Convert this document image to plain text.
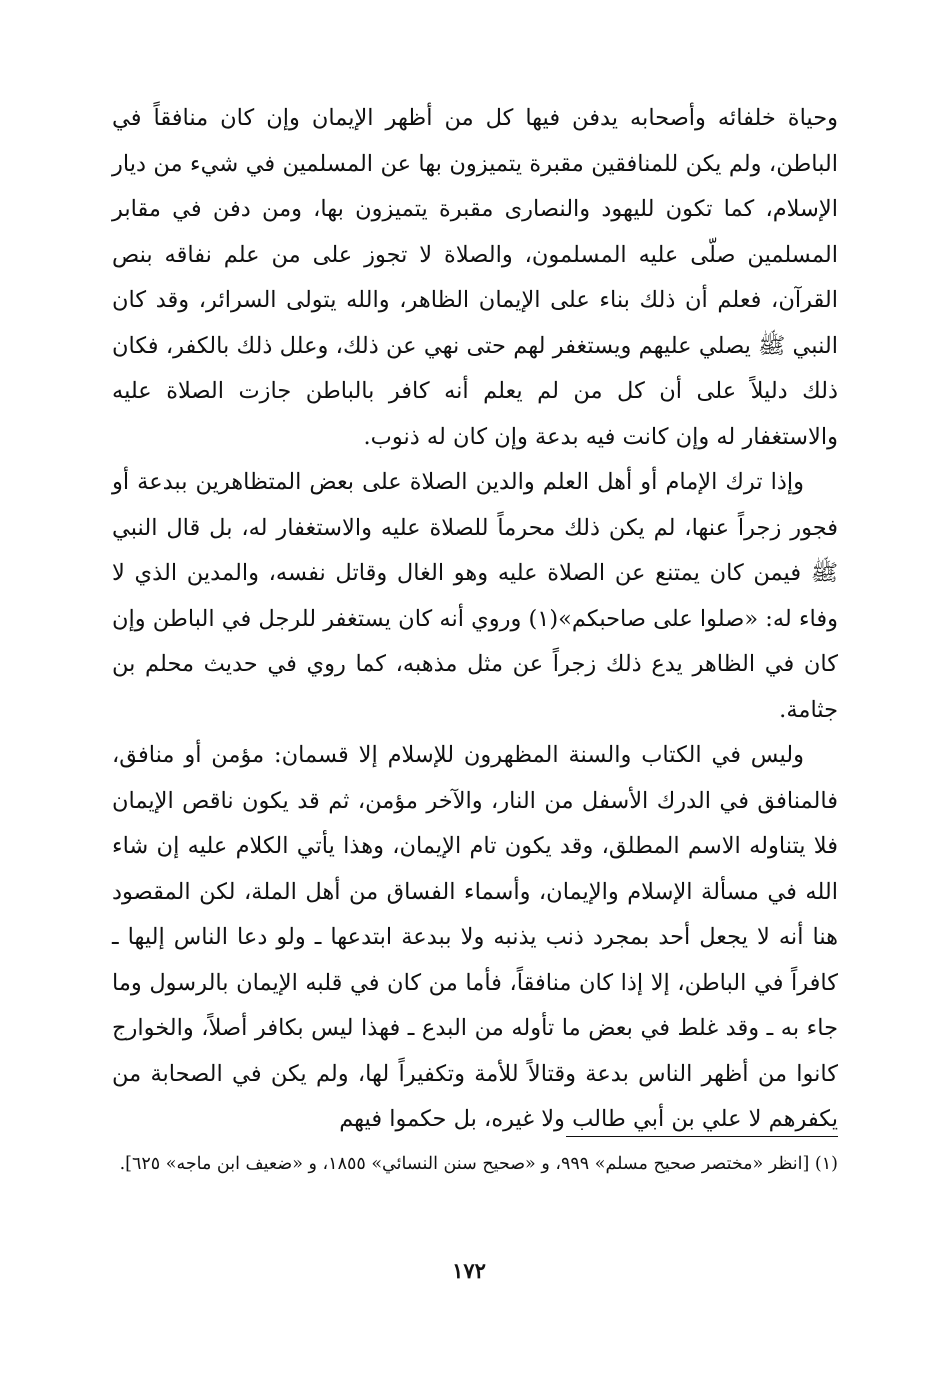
وحياة خلفائه وأصحابه يدفن فيها كل من أظهر الإيمان وإن كان منافقاً في الباطن، ولم يكن للمنافقين مقبرة يتميزون بها عن المسلمين في شيء من ديار الإسلام، كما تكون لليهود والنصارى مقبرة يتميزون بها، ومن دفن في مقابر المسلمين صلّى عليه المسلمون، والصلاة لا تجوز على من علم نفاقه بنص القرآن، فعلم أن ذلك بناء على الإيمان الظاهر، والله يتولى السرائر، وقد كان النبي ﷺ يصلي عليهم ويستغفر لهم حتى نهي عن ذلك، وعلل ذلك بالكفر، فكان ذلك دليلاً على أن كل من لم يعلم أنه كافر بالباطن جازت الصلاة عليه والاستغفار له وإن كانت فيه بدعة وإن كان له ذنوب.

وإذا ترك الإمام أو أهل العلم والدين الصلاة على بعض المتظاهرين ببدعة أو فجور زجراً عنها، لم يكن ذلك محرماً للصلاة عليه والاستغفار له، بل قال النبي ﷺ فيمن كان يمتنع عن الصلاة عليه وهو الغال وقاتل نفسه، والمدين الذي لا وفاء له: «صلوا على صاحبكم»(١) وروي أنه كان يستغفر للرجل في الباطن وإن كان في الظاهر يدع ذلك زجراً عن مثل مذهبه، كما روي في حديث محلم بن جثامة.

وليس في الكتاب والسنة المظهرون للإسلام إلا قسمان: مؤمن أو منافق، فالمنافق في الدرك الأسفل من النار، والآخر مؤمن، ثم قد يكون ناقص الإيمان فلا يتناوله الاسم المطلق، وقد يكون تام الإيمان، وهذا يأتي الكلام عليه إن شاء الله في مسألة الإسلام والإيمان، وأسماء الفساق من أهل الملة، لكن المقصود هنا أنه لا يجعل أحد بمجرد ذنب يذنبه ولا ببدعة ابتدعها ـ ولو دعا الناس إليها ـ كافراً في الباطن، إلا إذا كان منافقاً، فأما من كان في قلبه الإيمان بالرسول وما جاء به ـ وقد غلط في بعض ما تأوله من البدع ـ فهذا ليس بكافر أصلاً، والخوارج كانوا من أظهر الناس بدعة وقتالاً للأمة وتكفيراً لها، ولم يكن في الصحابة من يكفرهم لا علي بن أبي طالب ولا غيره، بل حكموا فيهم

(١) [انظر «مختصر صحيح مسلم» ٩٩٩، و «صحيح سنن النسائي» ١٨٥٥، و «ضعيف ابن ماجه» ٦٢٥].
١٧٢
